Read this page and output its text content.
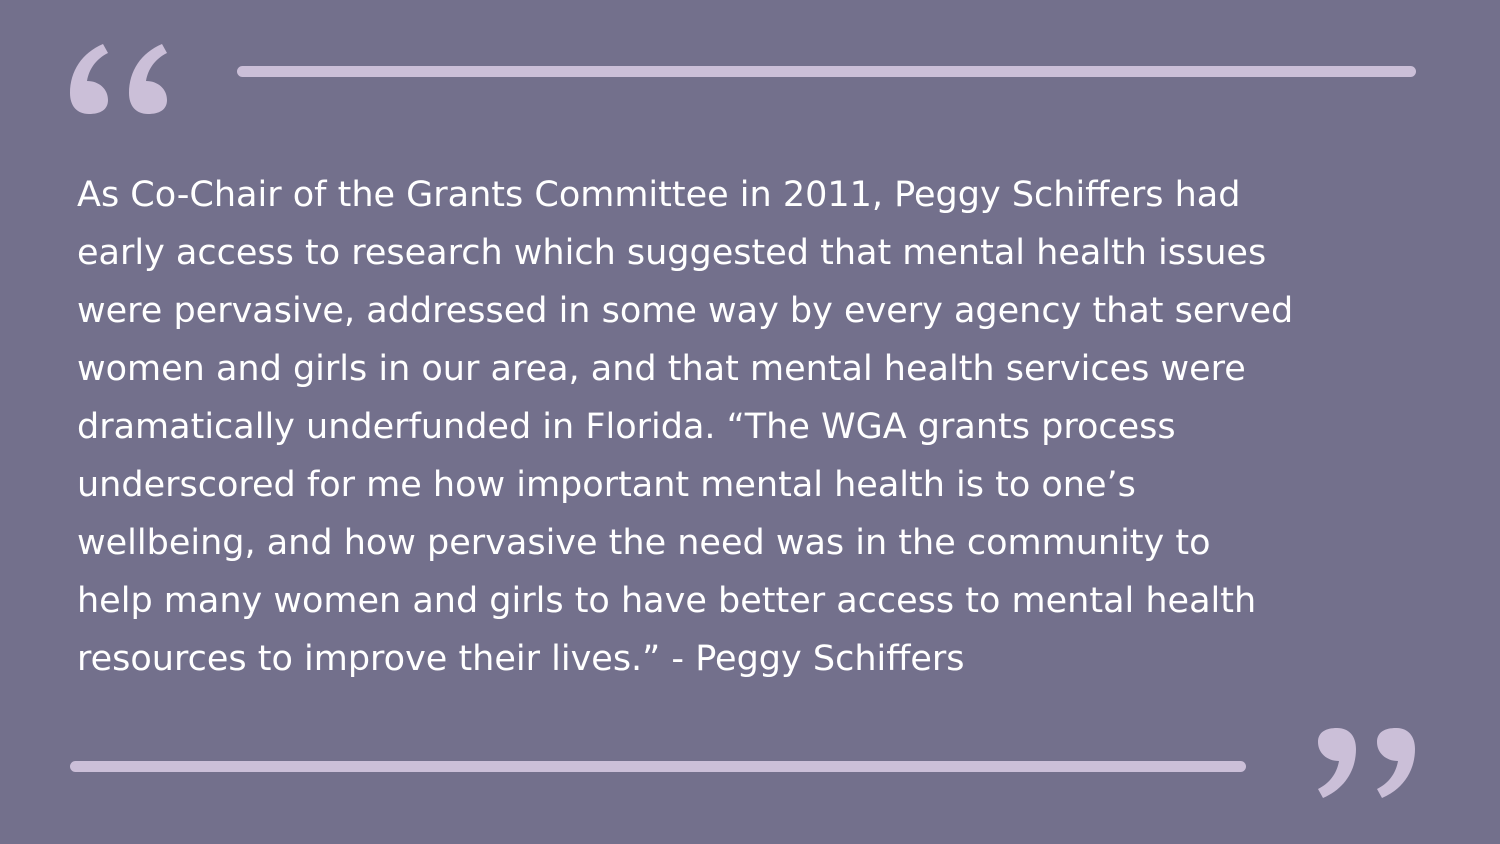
As Co-Chair of the Grants Committee in 2011, Peggy Schiffers had
early access to research which suggested that mental health issues
were pervasive, addressed in some way by every agency that served
women and girls in our area, and that mental health services were
dramatically underfunded in Florida. “The WGA grants process
underscored for me how important mental health is to one’s
wellbeing, and how pervasive the need was in the community to
help many women and girls to have better access to mental health
resources to improve their lives.” - Peggy Schiffers
